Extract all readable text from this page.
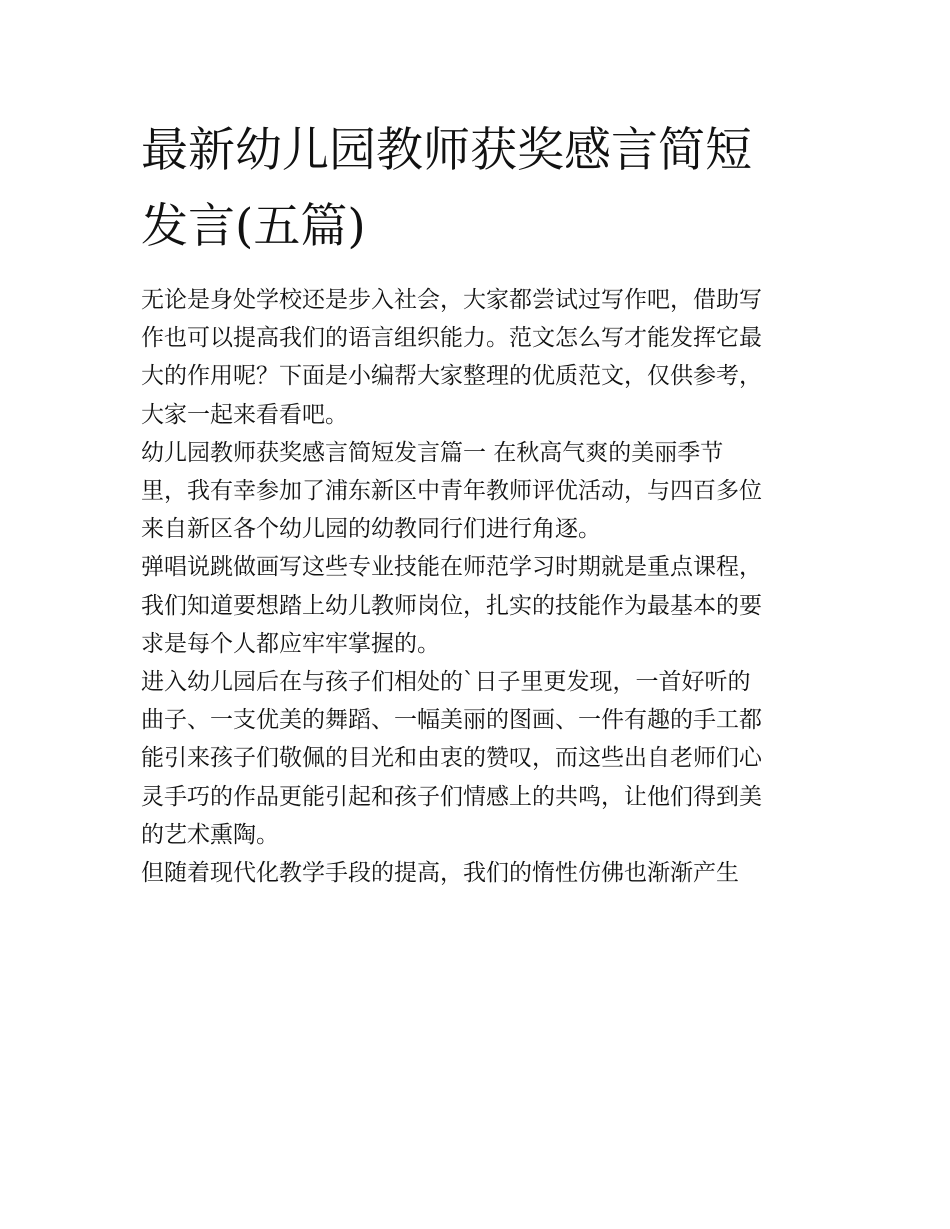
最新幼儿园教师获奖感言简短
发言(五篇)

无论是身处学校还是步入社会，大家都尝试过写作吧，借助写
作也可以提高我们的语言组织能力。范文怎么写才能发挥它最
大的作用呢？下面是小编帮大家整理的优质范文，仅供参考，
大家一起来看看吧。

幼儿园教师获奖感言简短发言篇一 在秋高气爽的美丽季节
里，我有幸参加了浦东新区中青年教师评优活动，与四百多位
来自新区各个幼儿园的幼教同行们进行角逐。

弹唱说跳做画写这些专业技能在师范学习时期就是重点课程，
我们知道要想踏上幼儿教师岗位，扎实的技能作为最基本的要
求是每个人都应牢牢掌握的。

进入幼儿园后在与孩子们相处的`日子里更发现，一首好听的
曲子、一支优美的舞蹈、一幅美丽的图画、一件有趣的手工都
能引来孩子们敬佩的目光和由衷的赞叹，而这些出自老师们心
灵手巧的作品更能引起和孩子们情感上的共鸣，让他们得到美
的艺术熏陶。

但随着现代化教学手段的提高，我们的惰性仿佛也渐渐产生
